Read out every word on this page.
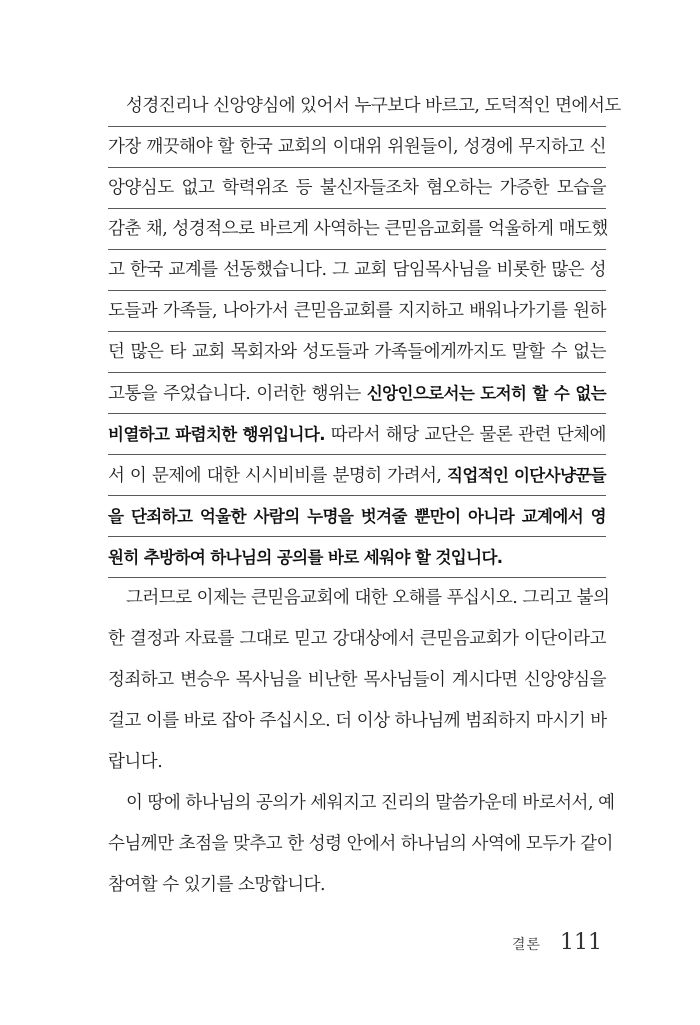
성경진리나 신앙양심에 있어서 누구보다 바르고, 도덕적인 면에서도
가장 깨끗해야 할 한국 교회의 이대위 위원들이, 성경에 무지하고 신
앙양심도 없고 학력위조 등 불신자들조차 혐오하는 가증한 모습을
감춘 채, 성경적으로 바르게 사역하는 큰믿음교회를 억울하게 매도했
고 한국 교계를 선동했습니다. 그 교회 담임목사님을 비롯한 많은 성
도들과 가족들, 나아가서 큰믿음교회를 지지하고 배워나가기를 원하
던 많은 타 교회 목회자와 성도들과 가족들에게까지도 말할 수 없는
고통을 주었습니다. 이러한 행위는 신앙인으로서는 도저히 할 수 없는
비열하고 파렴치한 행위입니다. 따라서 해당 교단은 물론 관련 단체에
서 이 문제에 대한 시시비비를 분명히 가려서, 직업적인 이단사냥꾼들
을 단죄하고 억울한 사람의 누명을 벗겨줄 뿐만이 아니라 교계에서 영
원히 추방하여 하나님의 공의를 바로 세워야 할 것입니다.
그러므로 이제는 큰믿음교회에 대한 오해를 푸십시오. 그리고 불의
한 결정과 자료를 그대로 믿고 강대상에서 큰믿음교회가 이단이라고
정죄하고 변승우 목사님을 비난한 목사님들이 계시다면 신앙양심을
걸고 이를 바로 잡아 주십시오. 더 이상 하나님께 범죄하지 마시기 바
랍니다.
이 땅에 하나님의 공의가 세워지고 진리의 말씀가운데 바로서서, 예
수님께만 초점을 맞추고 한 성령 안에서 하나님의 사역에 모두가 같이
참여할 수 있기를 소망합니다.
결론 111
